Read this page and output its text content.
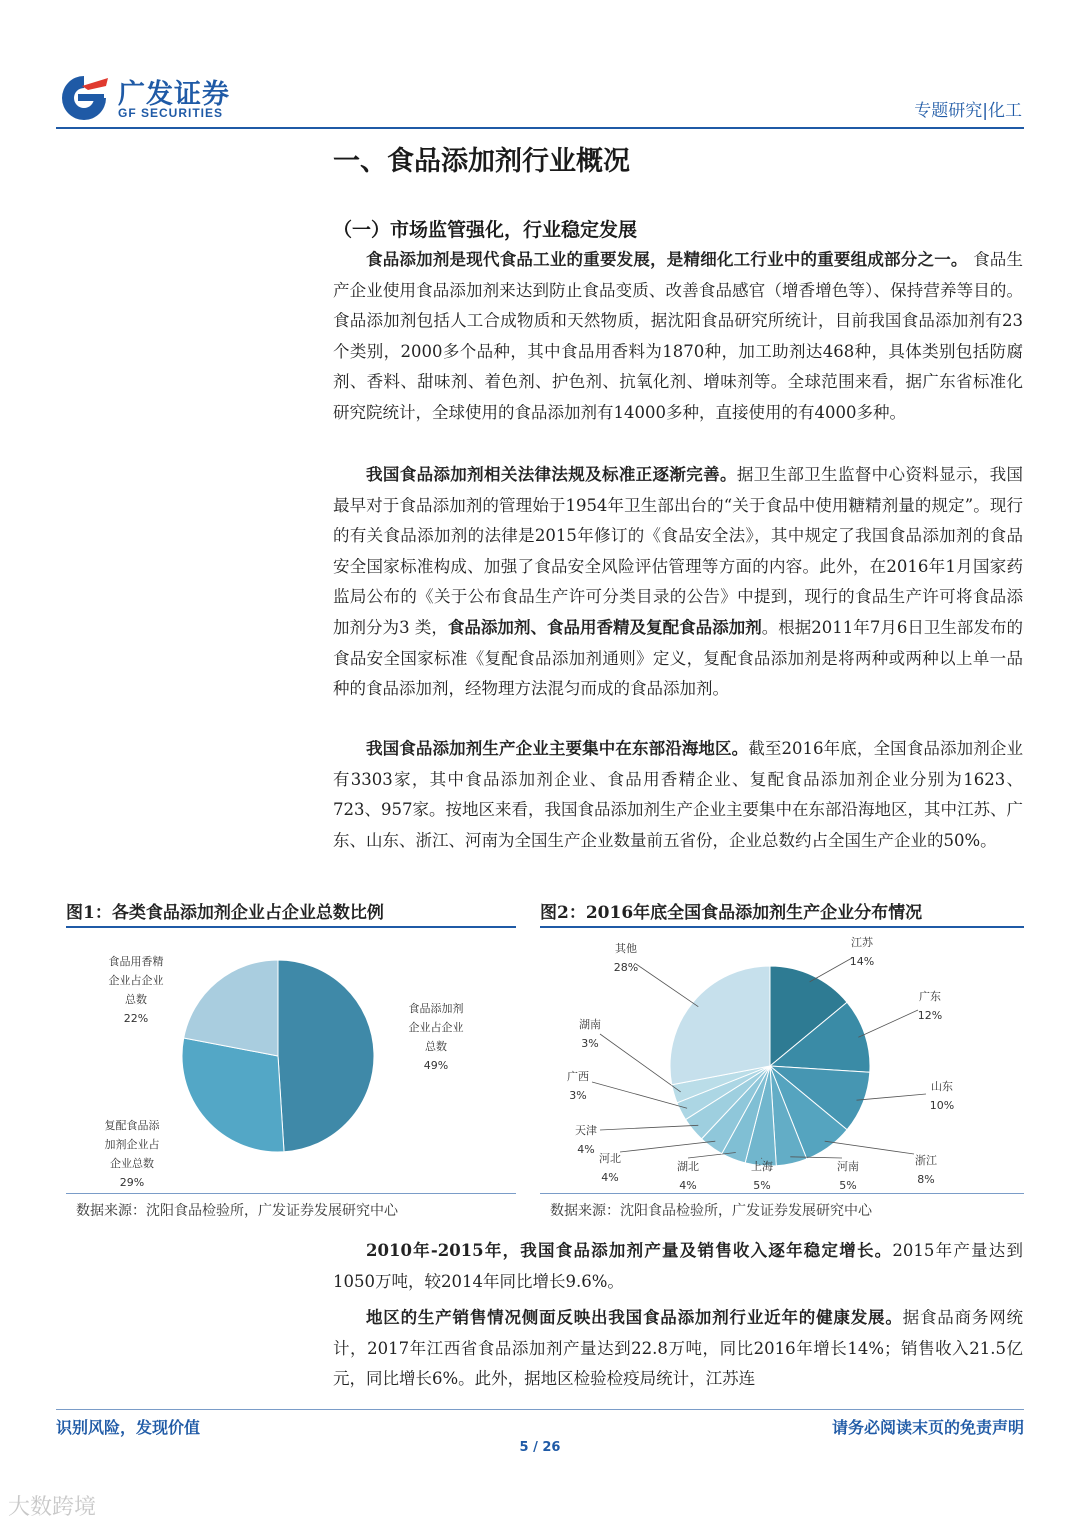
广发证券
GF SECURITIES	专题研究|化工
一、食品添加剂行业概况
（一）市场监管强化，行业稳定发展

食品添加剂是现代食品工业的重要发展，是精细化工行业中的重要组成部分之一。 食品生产企业使用食品添加剂来达到防止食品变质、改善食品感官（增香增色等）、保持营养等目的。食品添加剂包括人工合成物质和天然物质，据沈阳食品研究所统计，目前我国食品添加剂有23个类别，2000多个品种，其中食品用香料为1870种，加工助剂达468种，具体类别包括防腐剂、香料、甜味剂、着色剂、护色剂、抗氧化剂、增味剂等。全球范围来看，据广东省标准化研究院统计，全球使用的食品添加剂有14000多种，直接使用的有4000多种。

我国食品添加剂相关法律法规及标准正逐渐完善。据卫生部卫生监督中心资料显示，我国最早对于食品添加剂的管理始于1954年卫生部出台的“关于食品中使用糖精剂量的规定”。现行的有关食品添加剂的法律是2015年修订的《食品安全法》，其中规定了我国食品添加剂的食品安全国家标准构成、加强了食品安全风险评估管理等方面的内容。此外，在2016年1月国家药监局公布的《关于公布食品生产许可分类目录的公告》中提到，现行的食品生产许可将食品添加剂分为3 类，食品添加剂、食品用香精及复配食品添加剂。根据2011年7月6日卫生部发布的食品安全国家标准《复配食品添加剂通则》定义，复配食品添加剂是将两种或两种以上单一品种的食品添加剂，经物理方法混匀而成的食品添加剂。

我国食品添加剂生产企业主要集中在东部沿海地区。截至2016年底，全国食品添加剂企业有3303家，其中食品添加剂企业、食品用香精企业、复配食品添加剂企业分别为1623、723、957家。按地区来看，我国食品添加剂生产企业主要集中在东部沿海地区，其中江苏、广东、山东、浙江、河南为全国生产企业数量前五省份，企业总数约占全国生产企业的50%。

图1：各类食品添加剂企业占企业总数比例
食品添加剂
企业占企业
总数
49%
复配食品添
加剂企业占
企业总数
29%
食品用香精
企业占企业
总数
22%
数据来源：沈阳食品检验所，广发证券发展研究中心
图2：2016年底全国食品添加剂生产企业分布情况
江苏
14%
广东
12%
山东
10%
浙江
8%
河南
5%
上海
5%
湖北
4%
河北
4%
天津
4%
广西
3%
湖南
3%
其他
28%
数据来源：沈阳食品检验所，广发证券发展研究中心

2010年-2015年，我国食品添加剂产量及销售收入逐年稳定增长。2015年产量达到1050万吨，较2014年同比增长9.6%。

地区的生产销售情况侧面反映出我国食品添加剂行业近年的健康发展。据食品商务网统计，2017年江西省食品添加剂产量达到22.8万吨，同比2016年增长14%；销售收入21.5亿元，同比增长6%。此外，据地区检验检疫局统计，江苏连

识别风险，发现价值	请务必阅读末页的免责声明
5 / 26
大数跨境
